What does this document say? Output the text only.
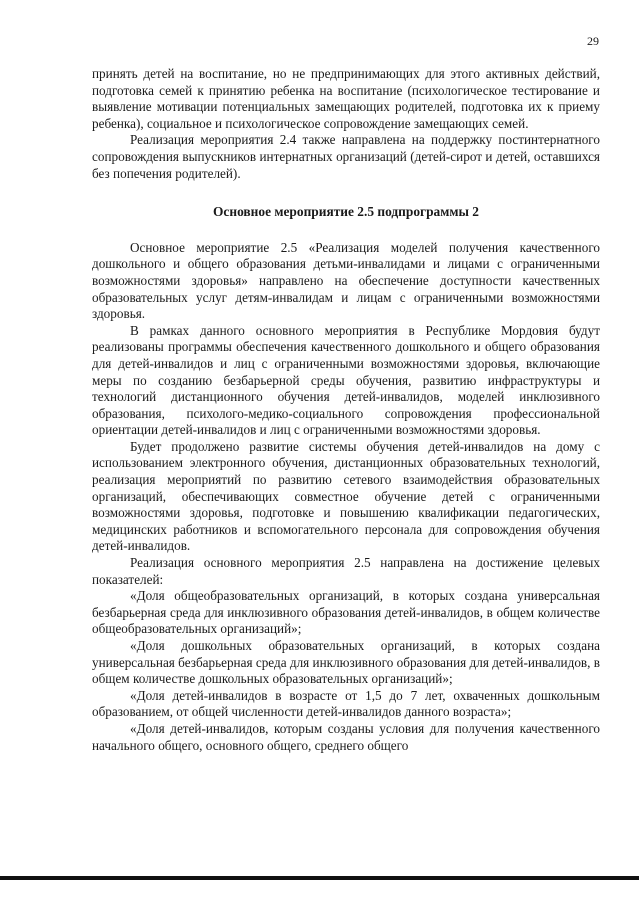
29

принять детей на воспитание, но не предпринимающих для этого активных действий, подготовка семей к принятию ребенка на воспитание (психологическое тестирование и выявление мотивации потенциальных замещающих родителей, подготовка их к приему ребенка), социальное и психологическое сопровождение замещающих семей.

Реализация мероприятия 2.4 также направлена на поддержку постинтернатного сопровождения выпускников интернатных организаций (детей-сирот и детей, оставшихся без попечения родителей).

Основное мероприятие 2.5 подпрограммы 2

Основное мероприятие 2.5 «Реализация моделей получения качественного дошкольного и общего образования детьми-инвалидами и лицами с ограниченными возможностями здоровья» направлено на обеспечение доступности качественных образовательных услуг детям-инвалидам и лицам с ограниченными возможностями здоровья.

В рамках данного основного мероприятия в Республике Мордовия будут реализованы программы обеспечения качественного дошкольного и общего образования для детей-инвалидов и лиц с ограниченными возможностями здоровья, включающие меры по созданию безбарьерной среды обучения, развитию инфраструктуры и технологий дистанционного обучения детей-инвалидов, моделей инклюзивного образования, психолого-медико-социального сопровождения профессиональной ориентации детей-инвалидов и лиц с ограниченными возможностями здоровья.

Будет продолжено развитие системы обучения детей-инвалидов на дому с использованием электронного обучения, дистанционных образовательных технологий, реализация мероприятий по развитию сетевого взаимодействия образовательных организаций, обеспечивающих совместное обучение детей с ограниченными возможностями здоровья, подготовке и повышению квалификации педагогических, медицинских работников и вспомогательного персонала для сопровождения обучения детей-инвалидов.

Реализация основного мероприятия 2.5 направлена на достижение целевых показателей:

«Доля общеобразовательных организаций, в которых создана универсальная безбарьерная среда для инклюзивного образования детей-инвалидов, в общем количестве общеобразовательных организаций»;

«Доля дошкольных образовательных организаций, в которых создана универсальная безбарьерная среда для инклюзивного образования для детей-инвалидов, в общем количестве дошкольных образовательных организаций»;

«Доля детей-инвалидов в возрасте от 1,5 до 7 лет, охваченных дошкольным образованием, от общей численности детей-инвалидов данного возраста»;

«Доля детей-инвалидов, которым созданы условия для получения качественного начального общего, основного общего, среднего общего
